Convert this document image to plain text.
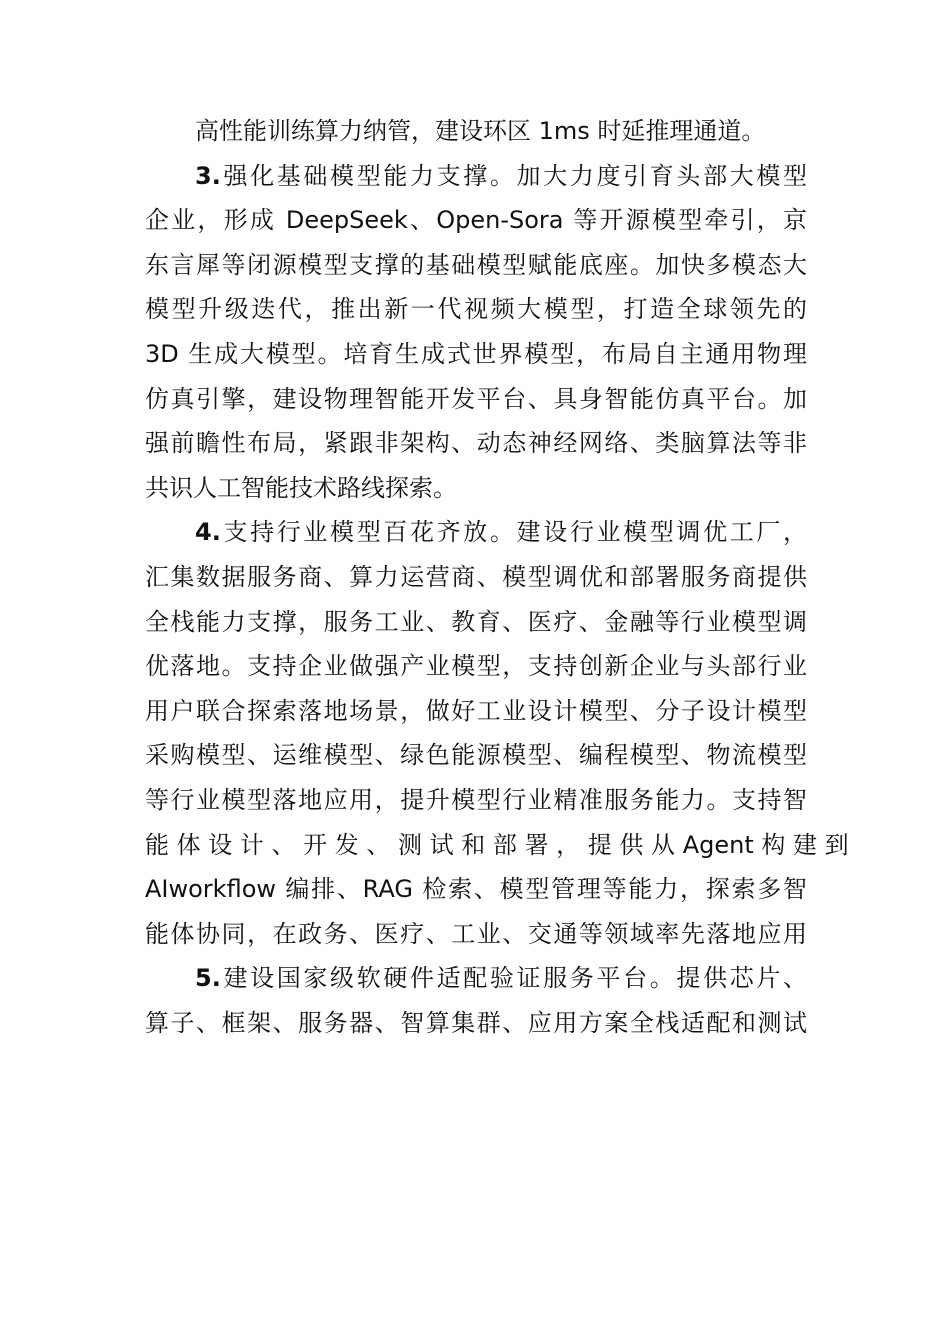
高性能训练算力纳管，建设环区 1ms 时延推理通道。
3.强化基础模型能力支撑。加大力度引育头部大模型
企业，形成 DeepSeek、Open-Sora 等开源模型牵引，京
东言犀等闭源模型支撑的基础模型赋能底座。加快多模态大
模型升级迭代，推出新一代视频大模型，打造全球领先的
3D 生成大模型。培育生成式世界模型，布局自主通用物理
仿真引擎，建设物理智能开发平台、具身智能仿真平台。加
强前瞻性布局，紧跟非架构、动态神经网络、类脑算法等非
共识人工智能技术路线探索。
4.支持行业模型百花齐放。建设行业模型调优工厂，
汇集数据服务商、算力运营商、模型调优和部署服务商提供
全栈能力支撑，服务工业、教育、医疗、金融等行业模型调
优落地。支持企业做强产业模型，支持创新企业与头部行业
用户联合探索落地场景，做好工业设计模型、分子设计模型
采购模型、运维模型、绿色能源模型、编程模型、物流模型
等行业模型落地应用，提升模型行业精准服务能力。支持智
能 体 设 计 、 开 发 、 测 试 和 部 署 ， 提 供 从 Agent 构 建 到
AIworkflow 编排、RAG 检索、模型管理等能力，探索多智
能体协同，在政务、医疗、工业、交通等领域率先落地应用
5.建设国家级软硬件适配验证服务平台。提供芯片、
算子、框架、服务器、智算集群、应用方案全栈适配和测试
